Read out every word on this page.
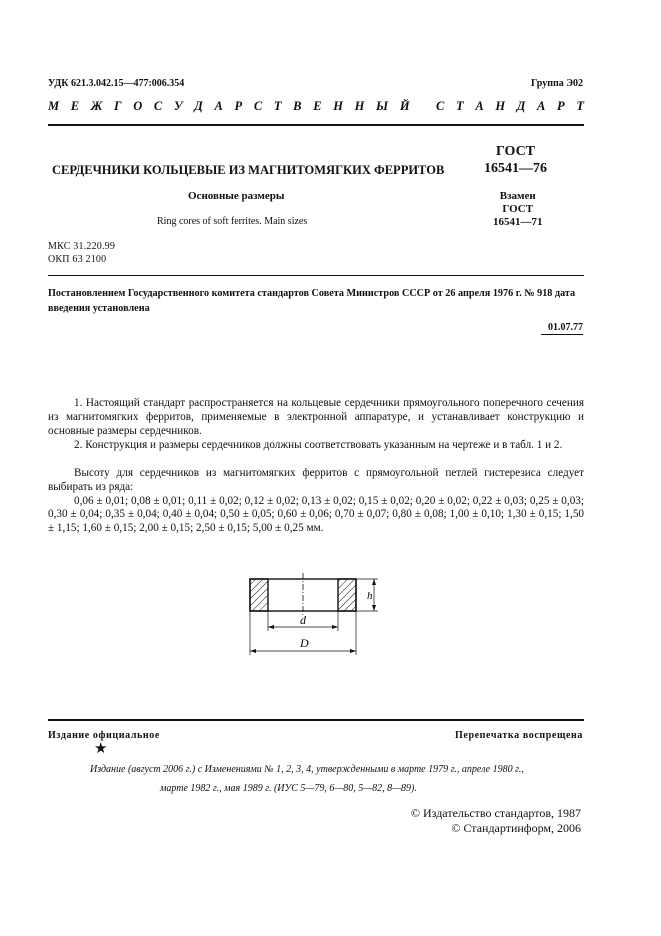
УДК 621.3.042.15—477:006.354	Группа Э02
М Е Ж Г О С У Д А Р С Т В Е Н Н Ы Й
С Т А Н Д А Р Т
СЕРДЕЧНИКИ КОЛЬЦЕВЫЕ ИЗ МАГНИТОМЯГКИХ ФЕРРИТОВ
ГОСТ
16541—76
Основные размеры	Взамен
ГОСТ
16541—71
Ring cores of soft ferrites. Main sizes
МКС 31.220.99
ОКП 63 2100
Постановлением Государственного комитета стандартов Совета Министров СССР от 26 апреля 1976 г. № 918 дата введения установлена
01.07.77
1. Настоящий стандарт распространяется на кольцевые сердечники прямоугольного поперечного сечения из магнитомягких ферритов, применяемые в электронной аппаратуре, и устанавливает конструкцию и основные размеры сердечников.
2. Конструкция и размеры сердечников должны соответствовать указанным на чертеже и в табл. 1 и 2.
Высоту для сердечников из магнитомягких ферритов с прямоугольной петлей гистерезиса следует выбирать из ряда:
0,06 ± 0,01; 0,08 ± 0,01; 0,11 ± 0,02; 0,12 ± 0,02; 0,13 ± 0,02; 0,15 ± 0,02; 0,20 ± 0,02; 0,22 ± 0,03; 0,25 ± 0,03; 0,30 ± 0,04; 0,35 ± 0,04; 0,40 ± 0,04; 0,50 ± 0,05; 0,60 ± 0,06; 0,70 ± 0,07; 0,80 ± 0,08; 1,00 ± 0,10; 1,30 ± 0,15; 1,50 ± 1,15; 1,60 ± 0,15; 2,00 ± 0,15; 2,50 ± 0,15; 5,00 ± 0,25 мм.
h
d
D
Издание официальное	Перепечатка воспрещена
★
Издание (август 2006 г.) с Изменениями № 1, 2, 3, 4, утвержденными в марте 1979 г., апреле 1980 г.,
марте 1982 г., мая 1989 г. (ИУС 5—79, 6—80, 5—82, 8—89).
© Издательство стандартов, 1987
© Стандартинформ, 2006
